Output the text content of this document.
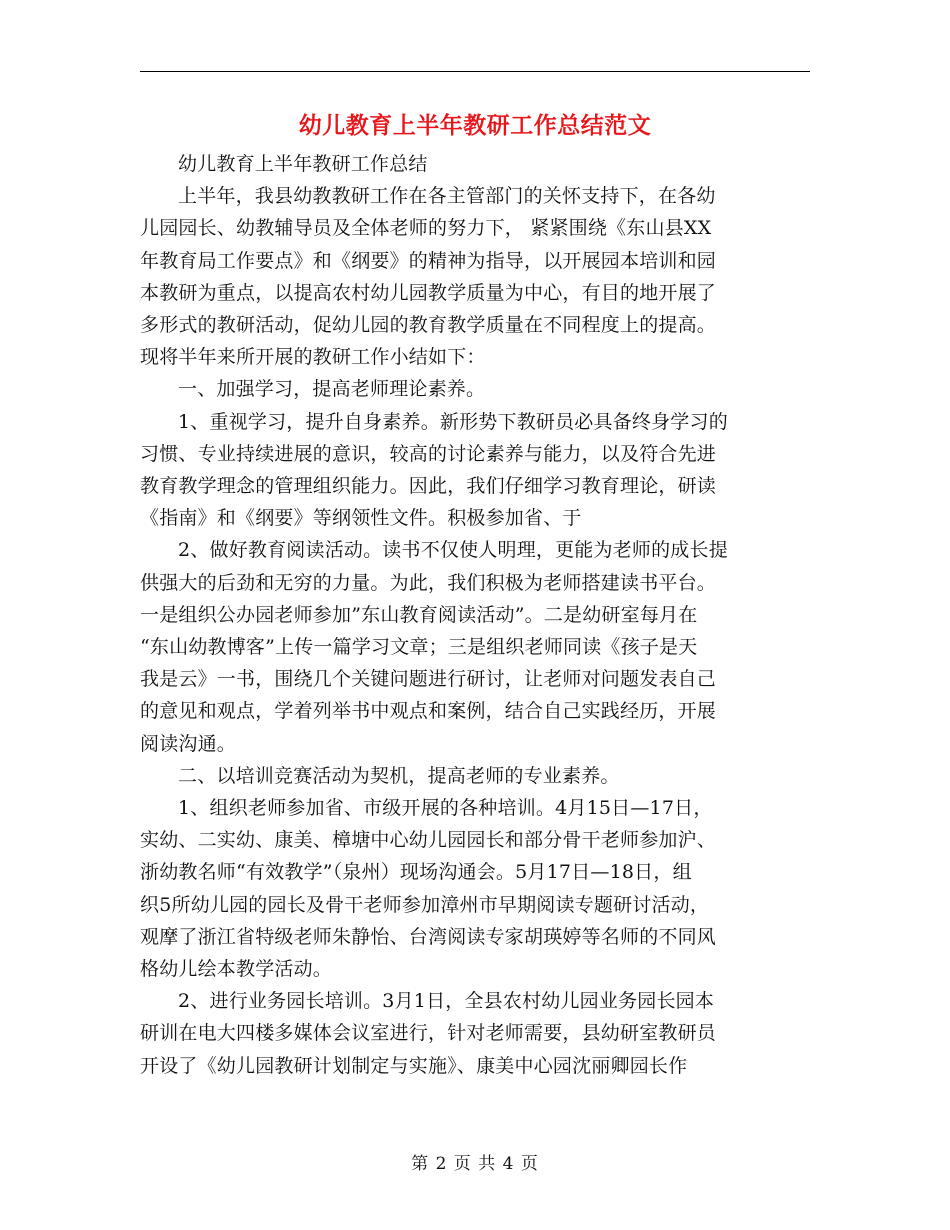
幼儿教育上半年教研工作总结范文

幼儿教育上半年教研工作总结

上半年，我县幼教教研工作在各主管部门的关怀支持下，在各幼
儿园园长、幼教辅导员及全体老师的努力下， 紧紧围绕《东山县XX
年教育局工作要点》和《纲要》的精神为指导，以开展园本培训和园
本教研为重点，以提高农村幼儿园教学质量为中心，有目的地开展了
多形式的教研活动，促幼儿园的教育教学质量在不同程度上的提高。
现将半年来所开展的教研工作小结如下：

一、加强学习，提高老师理论素养。

1、重视学习，提升自身素养。新形势下教研员必具备终身学习的
习惯、专业持续进展的意识，较高的讨论素养与能力，以及符合先进
教育教学理念的管理组织能力。因此，我们仔细学习教育理论，研读
《指南》和《纲要》等纲领性文件。积极参加省、于

2、做好教育阅读活动。读书不仅使人明理，更能为老师的成长提
供强大的后劲和无穷的力量。为此，我们积极为老师搭建读书平台。
一是组织公办园老师参加”东山教育阅读活动”。二是幼研室每月在
“东山幼教博客”上传一篇学习文章；三是组织老师同读《孩子是天
我是云》一书，围绕几个关键问题进行研讨，让老师对问题发表自己
的意见和观点，学着列举书中观点和案例，结合自己实践经历，开展
阅读沟通。

二、以培训竞赛活动为契机，提高老师的专业素养。

1、组织老师参加省、市级开展的各种培训。4月15日—17日，
实幼、二实幼、康美、樟塘中心幼儿园园长和部分骨干老师参加沪、
浙幼教名师“有效教学”（泉州）现场沟通会。5月17日—18日，组
织5所幼儿园的园长及骨干老师参加漳州市早期阅读专题研讨活动，
观摩了浙江省特级老师朱静怡、台湾阅读专家胡瑛婷等名师的不同风
格幼儿绘本教学活动。

2、进行业务园长培训。3月1日，全县农村幼儿园业务园长园本
研训在电大四楼多媒体会议室进行，针对老师需要，县幼研室教研员
开设了《幼儿园教研计划制定与实施》、康美中心园沈丽卿园长作

第 2 页 共 4 页
